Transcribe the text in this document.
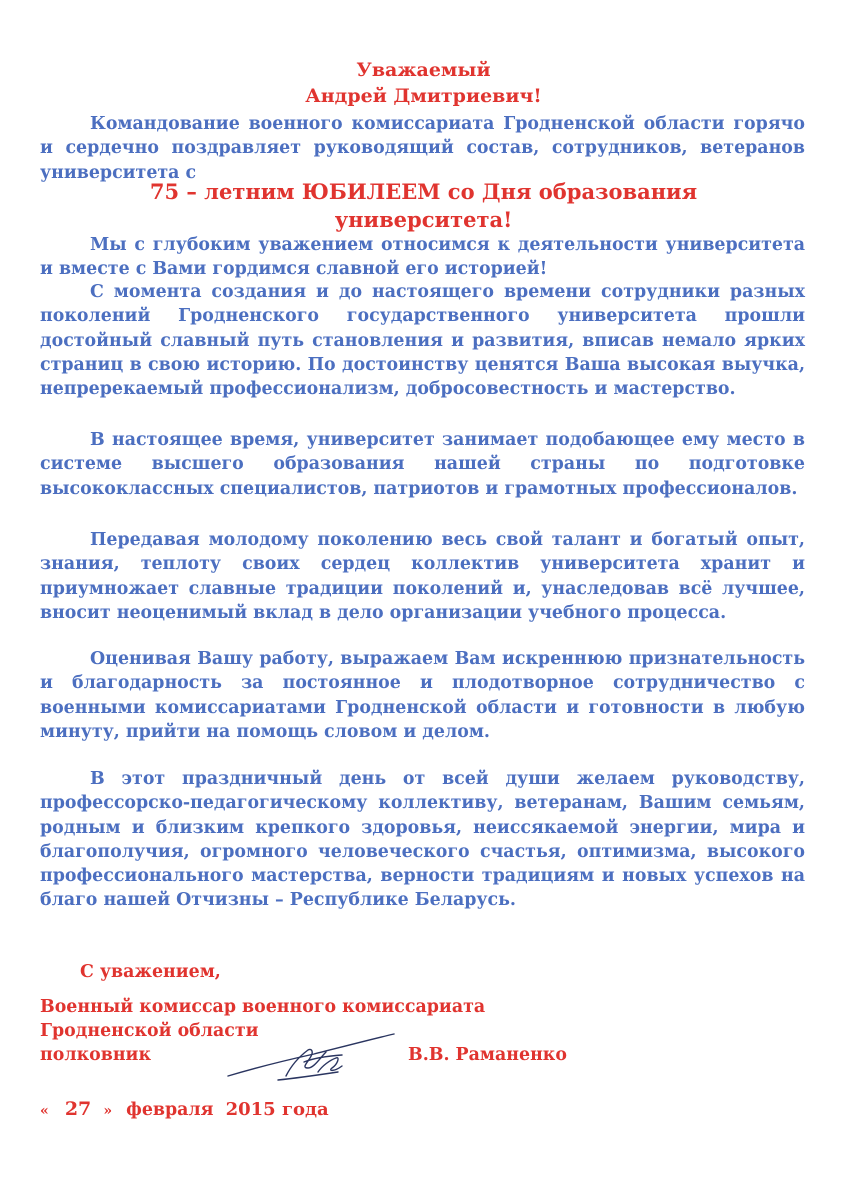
Уважаемый
Андрей Дмитриевич!
Командование военного комиссариата Гродненской области горячо и сердечно поздравляет руководящий состав, сотрудников, ветеранов университета с
75 – летним ЮБИЛЕЕМ со Дня образования
университета!
Мы с глубоким уважением относимся к деятельности университета и вместе с Вами гордимся славной его историей!
С момента создания и до настоящего времени сотрудники разных поколений Гродненского государственного университета прошли достойный славный путь становления и развития, вписав немало ярких страниц в свою историю. По достоинству ценятся Ваша высокая выучка, непререкаемый профессионализм, добросовестность и мастерство.
В настоящее время, университет занимает подобающее ему место в системе высшего образования нашей страны по подготовке высококлассных специалистов, патриотов и грамотных профессионалов.
Передавая молодому поколению весь свой талант и богатый опыт, знания, теплоту своих сердец коллектив университета хранит и приумножает славные традиции поколений и, унаследовав всё лучшее, вносит неоценимый вклад в дело организации учебного процесса.
Оценивая Вашу работу, выражаем Вам искреннюю признательность и благодарность за постоянное и плодотворное сотрудничество с военными комиссариатами Гродненской области и готовности в любую минуту, прийти на помощь словом и делом.
В этот праздничный день от всей души желаем руководству, профессорско-педагогическому коллективу, ветеранам, Вашим семьям, родным и близким крепкого здоровья, неиссякаемой энергии, мира и благополучия, огромного человеческого счастья, оптимизма, высокого профессионального мастерства, верности традициям и новых успехов на благо нашей Отчизны – Республике Беларусь.
С уважением,
Военный комиссар военного комиссариата
Гродненской области
полковник	В.В. Раманенко
« 27 » февраля 2015 года
